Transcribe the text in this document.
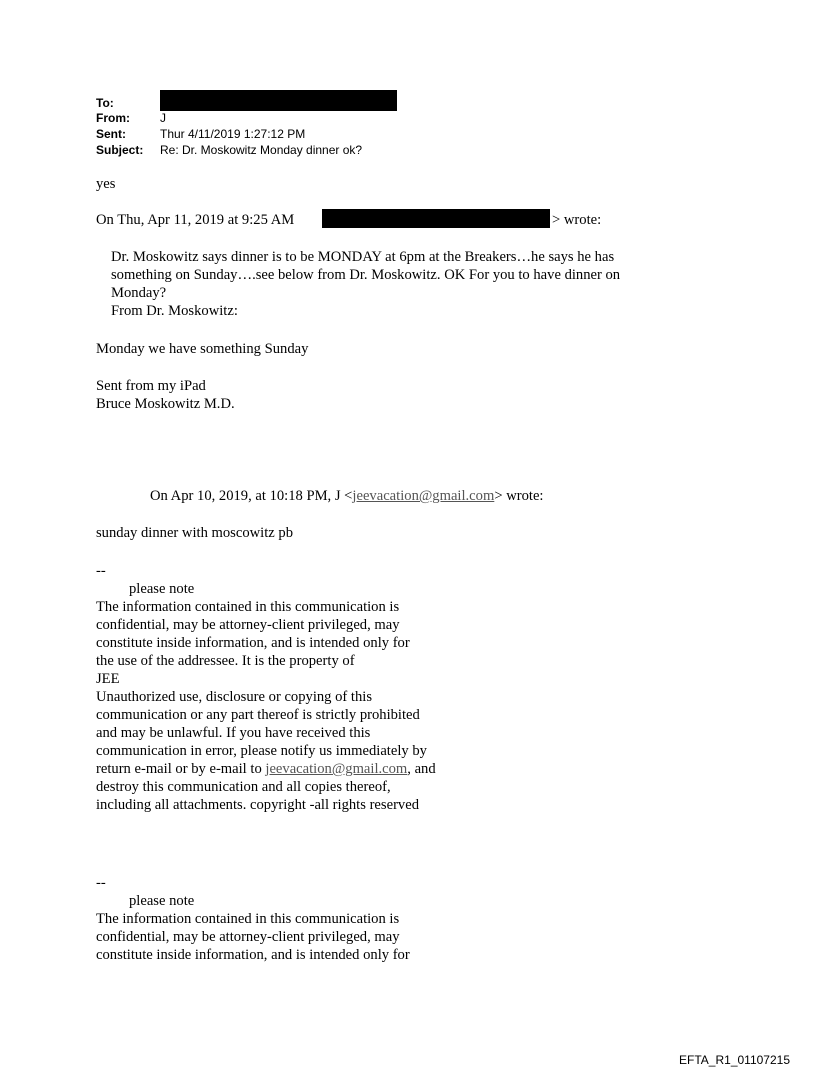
To:
From:	J
Sent:	Thur 4/11/2019 1:27:12 PM
Subject: Re: Dr. Moskowitz Monday dinner ok?
yes
On Thu, Apr 11, 2019 at 9:25 AM	> wrote:
Dr. Moskowitz says dinner is to be MONDAY at 6pm at the Breakers…he says he has
something on Sunday….see below from Dr. Moskowitz. OK For you to have dinner on
Monday?
From Dr. Moskowitz:
Monday we have something Sunday
Sent from my iPad
Bruce Moskowitz M.D.
On Apr 10, 2019, at 10:18 PM, J <jeevacation@gmail.com> wrote:
sunday dinner with moscowitz pb
--
please note
The information contained in this communication is
confidential, may be attorney-client privileged, may
constitute inside information, and is intended only for
the use of the addressee. It is the property of
JEE
Unauthorized use, disclosure or copying of this
communication or any part thereof is strictly prohibited
and may be unlawful. If you have received this
communication in error, please notify us immediately by
return e-mail or by e-mail to jeevacation@gmail.com, and
destroy this communication and all copies thereof,
including all attachments. copyright -all rights reserved
--
please note
The information contained in this communication is
confidential, may be attorney-client privileged, may
constitute inside information, and is intended only for
EFTA_R1_01107215
